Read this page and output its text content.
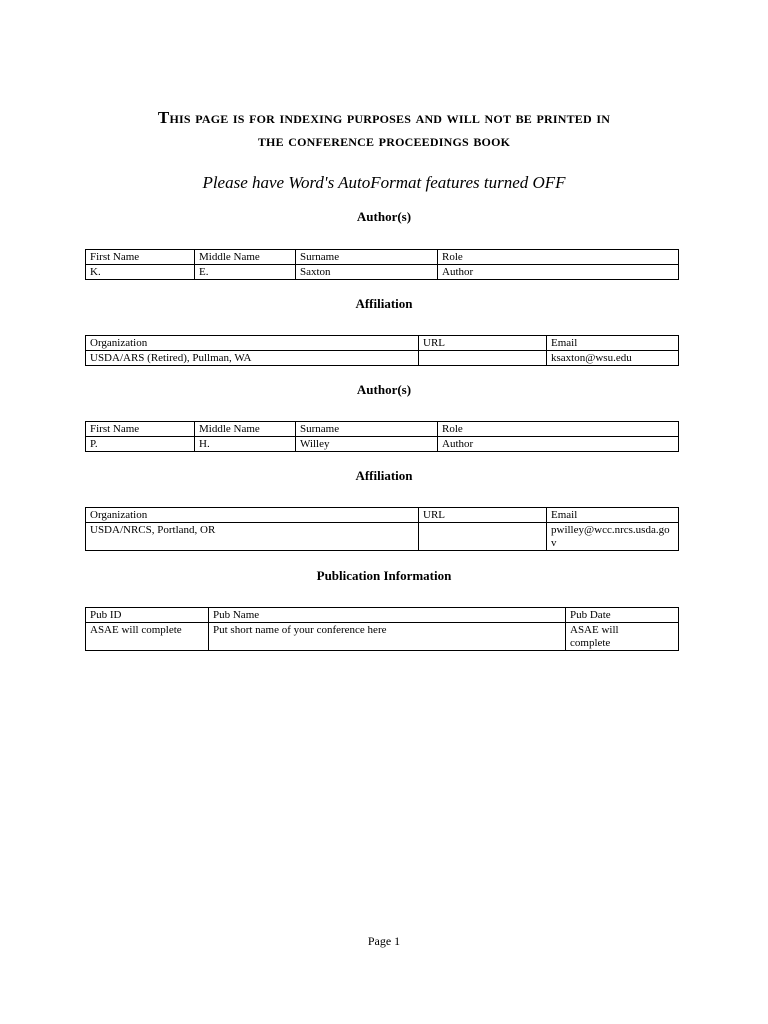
This page is for indexing purposes and will not be printed in
the conference proceedings book
Please have Word's AutoFormat features turned OFF
Author(s)
First Name	Middle Name	Surname	Role
K.	E.	Saxton	Author
Affiliation
Organization	URL	Email
USDA/ARS (Retired), Pullman, WA		ksaxton@wsu.edu
Author(s)
First Name	Middle Name	Surname	Role
P.	H.	Willey	Author
Affiliation
Organization	URL	Email
USDA/NRCS, Portland, OR		pwilley@wcc.nrcs.usda.gov
Publication Information
Pub ID	Pub Name	Pub Date
ASAE will complete	Put short name of your conference here	ASAE will complete
Page 1
